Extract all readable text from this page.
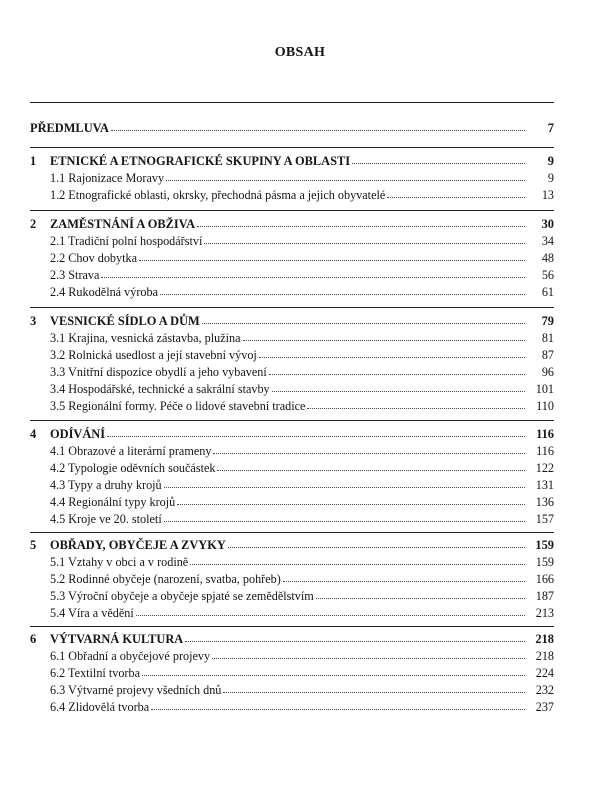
OBSAH
PŘEDMLUVA	7
1	ETNICKÉ A ETNOGRAFICKÉ SKUPINY A OBLASTI	9
1.1 Rajonizace Moravy	9
1.2 Etnografické oblasti, okrsky, přechodná pásma a jejich obyvatelé	13
2	ZAMĚSTNÁNÍ A OBŽIVA	30
2.1 Tradiční polní hospodářství	34
2.2 Chov dobytka	48
2.3 Strava	56
2.4 Rukodělná výroba	61
3	VESNICKÉ SÍDLO A DŮM	79
3.1 Krajina, vesnická zástavba, plužina	81
3.2 Rolnická usedlost a její stavební vývoj	87
3.3 Vnitřní dispozice obydlí a jeho vybavení	96
3.4 Hospodářské, technické a sakrální stavby	101
3.5 Regionální formy. Péče o lidové stavební tradice	110
4	ODÍVÁNÍ	116
4.1 Obrazové a literární prameny	116
4.2 Typologie oděvních součástek	122
4.3 Typy a druhy krojů	131
4.4 Regionální typy krojů	136
4.5 Kroje ve 20. století	157
5	OBŘADY, OBYČEJE A ZVYKY	159
5.1 Vztahy v obci a v rodině	159
5.2 Rodinné obyčeje (narození, svatba, pohřeb)	166
5.3 Výroční obyčeje a obyčeje spjaté se zemědělstvím	187
5.4 Víra a vědění	213
6	VÝTVARNÁ KULTURA	218
6.1 Obřadní a obyčejové projevy	218
6.2 Textilní tvorba	224
6.3 Výtvarné projevy všedních dnů	232
6.4 Zlidovělá tvorba	237
